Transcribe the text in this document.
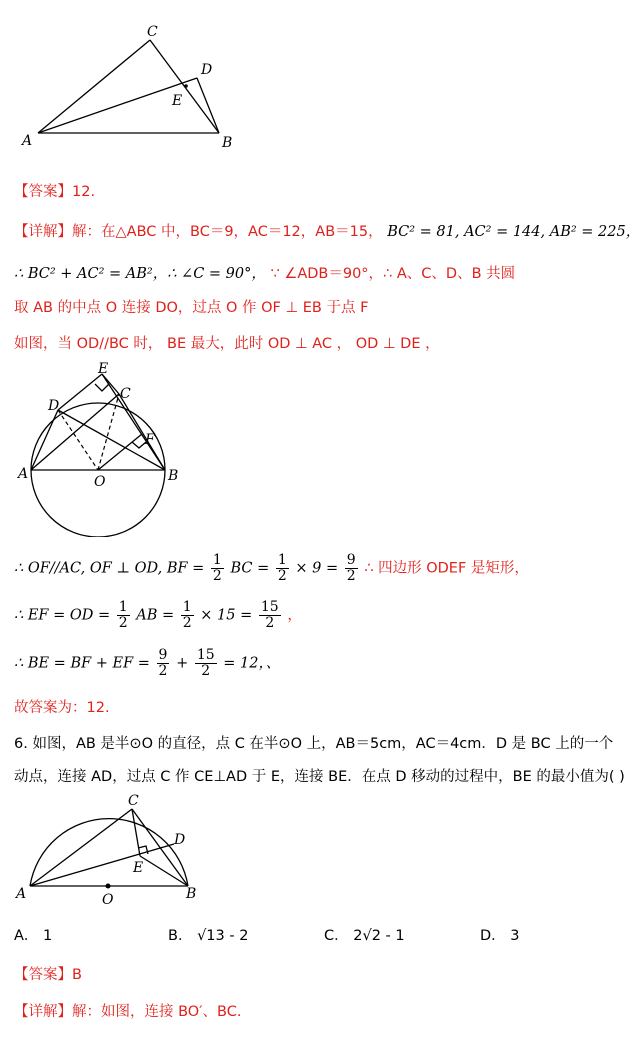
C
D
E
A	B
【答案】12.
【详解】解：在△ABC 中，BC＝9，AC＝12，AB＝15， BC² = 81, AC² = 144, AB² = 225，
∴ BC² + AC² = AB²，∴ ∠C = 90°， ∵ ∠ADB＝90°，∴ A、C、D、B 共圆
取 AB 的中点 O 连接 DO，过点 O 作 OF ⊥ EB 于点 F
如图，当 OD//BC 时， BE 最大，此时 OD ⊥ AC ， OD ⊥ DE ，
E
D
C
F
A	O	B
∴ OF//AC, OF ⊥ OD, BF = $\frac{1}{2}$ BC = $\frac{1}{2} \times 9 = \frac{9}{2}$ ∴ 四边形 ODEF 是矩形，
∴ EF = OD = $\frac{1}{2}$ AB = $\frac{1}{2} \times 15 = \frac{15}{2}$ ，
∴ BE = BF + EF = $\frac{9}{2} + \frac{15}{2} = 12$，、
故答案为：12.
6. 如图，AB 是半⊙O 的直径，点 C 在半⊙O 上，AB＝5cm，AC＝4cm．D 是 BC 上的一个
动点，连接 AD，过点 C 作 CE⊥AD 于 E，连接 BE．在点 D 移动的过程中，BE 的最小值为( )
C
D
E
A	O	B
A． 1	B． √13 - 2	C． 2√2 - 1	D． 3
【答案】B
【详解】解：如图，连接 BO′、BC.
